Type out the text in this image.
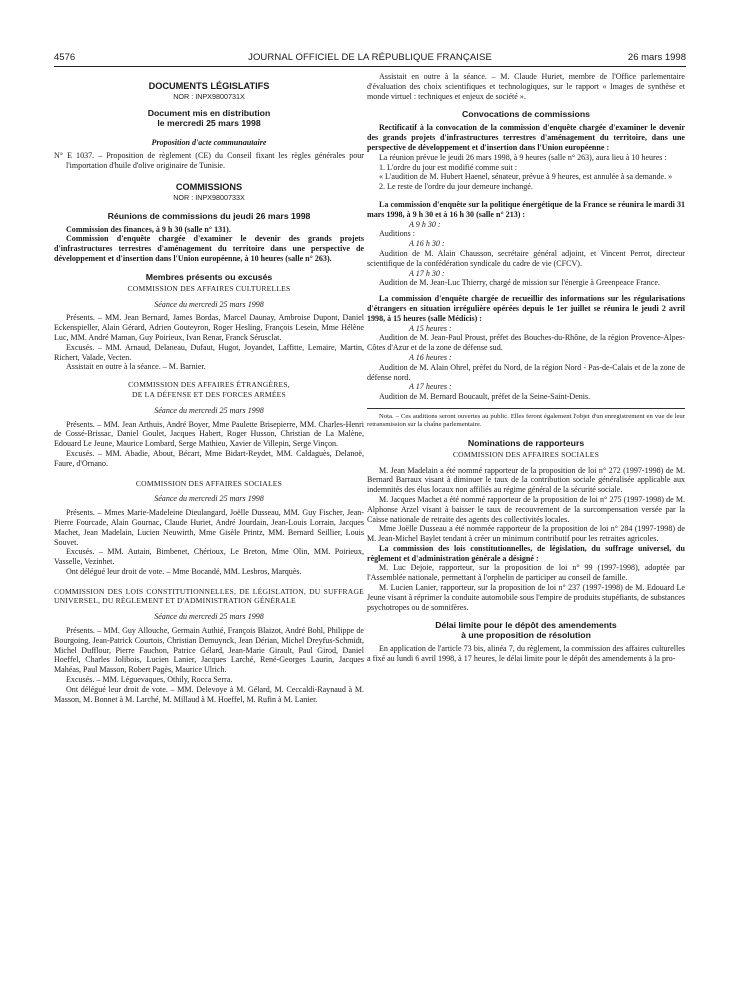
4576	JOURNAL OFFICIEL DE LA RÉPUBLIQUE FRANÇAISE	26 mars 1998
DOCUMENTS LÉGISLATIFS
NOR : INPX9800731X
Document mis en distribution
le mercredi 25 mars 1998
Proposition d'acte communautaire

N° E 1037. – Proposition de règlement (CE) du Conseil fixant les règles générales pour l'importation d'huile d'olive originaire de Tunisie.

COMMISSIONS
NOR : INPX9800733X
Réunions de commissions du jeudi 26 mars 1998

Commission des finances, à 9 h 30 (salle n° 131).

Commission d'enquête chargée d'examiner le devenir des grands projets d'infrastructures terrestres d'aménagement du territoire dans une perspective de développement et d'insertion dans l'Union européenne, à 10 heures (salle n° 263).

Membres présents ou excusés
COMMISSION DES AFFAIRES CULTURELLES
Séance du mercredi 25 mars 1998

Présents. – MM. Jean Bernard, James Bordas, Marcel Daunay, Ambroise Dupont, Daniel Eckenspieller, Alain Gérard, Adrien Gouteyron, Roger Hesling, François Lesein, Mme Hélène Luc, MM. André Maman, Guy Poirieux, Ivan Renar, Franck Sérusclat.

Excusés. – MM. Arnaud, Delaneau, Dufaut, Hugot, Joyandet, Laffitte, Lemaire, Martin, Richert, Valade, Vecten.

Assistait en outre à la séance. – M. Barnier.

COMMISSION DES AFFAIRES ÉTRANGÈRES,
DE LA DÉFENSE ET DES FORCES ARMÉES
Séance du mercredi 25 mars 1998

Présents. – MM. Jean Arthuis, André Boyer, Mme Paulette Brisepierre, MM. Charles-Henri de Cossé-Brissac, Daniel Goulet, Jacques Habert, Roger Husson, Christian de La Malène, Edouard Le Jeune, Maurice Lombard, Serge Mathieu, Xavier de Villepin, Serge Vinçon.

Excusés. – MM. Abadie, About, Bécart, Mme Bidart-Reydet, MM. Caldaguès, Delanoë, Faure, d'Ornano.

COMMISSION DES AFFAIRES SOCIALES
Séance du mercredi 25 mars 1998

Présents. – Mmes Marie-Madeleine Dieulangard, Joëlle Dusseau, MM. Guy Fischer, Jean-Pierre Fourcade, Alain Gournac, Claude Huriet, André Jourdain, Jean-Louis Lorrain, Jacques Machet, Jean Madelain, Lucien Neuwirth, Mme Gisèle Printz, MM. Bernard Seillier, Louis Souvet.

Excusés. – MM. Autain, Bimbenet, Chérioux, Le Breton, Mme Olin, MM. Poirieux, Vasselle, Vezinhet.

Ont délégué leur droit de vote. – Mme Bocandé, MM. Lesbros, Marquès.

COMMISSION DES LOIS CONSTITUTIONNELLES, DE LÉGISLATION, DU SUFFRAGE UNIVERSEL, DU RÈGLEMENT ET D'ADMINISTRATION GÉNÉRALE

Séance du mercredi 25 mars 1998

Présents. – MM. Guy Allouche, Germain Authié, François Blaizot, André Bohl, Philippe de Bourgoing, Jean-Patrick Courtois, Christian Demuynck, Jean Dérian, Michel Dreyfus-Schmidt, Michel Dufflour, Pierre Fauchon, Patrice Gélard, Jean-Marie Girault, Paul Girod, Daniel Hoeffel, Charles Jolibois, Lucien Lanier, Jacques Larché, René-Georges Laurin, Jacques Mahéas, Paul Masson, Robert Pagès, Maurice Ulrich.

Excusés. – MM. Léguevaques, Othily, Rocca Serra.

Ont délégué leur droit de vote. – MM. Delevoye à M. Gélard, M. Ceccaldi-Raynaud à M. Masson, M. Bonnet à M. Larché, M. Millaud à M. Hoeffel, M. Rufin à M. Lanier.

Assistait en outre à la séance. – M. Claude Huriet, membre de l'Office parlementaire d'évaluation des choix scientifiques et technologiques, sur le rapport « Images de synthèse et monde virtuel : techniques et enjeux de société ».

Convocations de commissions

Rectificatif à la convocation de la commission d'enquête chargée d'examiner le devenir des grands projets d'infrastructures terrestres d'aménagement du territoire, dans une perspective de développement et d'insertion dans l'Union européenne :

La réunion prévue le jeudi 26 mars 1998, à 9 heures (salle n° 263), aura lieu à 10 heures :

1. L'ordre du jour est modifié comme suit :

« L'audition de M. Hubert Haenel, sénateur, prévue à 9 heures, est annulée à sa demande. »

2. Le reste de l'ordre du jour demeure inchangé.

La commission d'enquête sur la politique énergétique de la France se réunira le mardi 31 mars 1998, à 9 h 30 et à 16 h 30 (salle n° 213) :

A 9 h 30 :

Auditions :

A 16 h 30 :

Audition de M. Alain Chausson, secrétaire général adjoint, et Vincent Perrot, directeur scientifique de la confédération syndicale du cadre de vie (CFCV).

A 17 h 30 :

Audition de M. Jean-Luc Thierry, chargé de mission sur l'énergie à Greenpeace France.

La commission d'enquête chargée de recueillir des informations sur les régularisations d'étrangers en situation irrégulière opérées depuis le 1er juillet se réunira le jeudi 2 avril 1998, à 15 heures (salle Médicis) :

A 15 heures :

Audition de M. Jean-Paul Proust, préfet des Bouches-du-Rhône, de la région Provence-Alpes-Côtes d'Azur et de la zone de défense sud.

A 16 heures :

Audition de M. Alain Ohrel, préfet du Nord, de la région Nord - Pas-de-Calais et de la zone de défense nord.

A 17 heures :

Audition de M. Bernard Boucault, préfet de la Seine-Saint-Denis.

Nota. – Ces auditions seront ouvertes au public. Elles feront également l'objet d'un enregistrement en vue de leur retransmission sur la chaîne parlementaire.

Nominations de rapporteurs
COMMISSION DES AFFAIRES SOCIALES

M. Jean Madelain a été nommé rapporteur de la proposition de loi n° 272 (1997-1998) de M. Bernard Barraux visant à diminuer le taux de la contribution sociale généralisée applicable aux indemnités des élus locaux non affiliés au régime général de la sécurité sociale.

M. Jacques Machet a été nommé rapporteur de la proposition de loi n° 275 (1997-1998) de M. Alphonse Arzel visant à baisser le taux de recouvrement de la surcompensation versée par la Caisse nationale de retraite des agents des collectivités locales.

Mme Joëlle Dusseau a été nommée rapporteur de la proposition de loi n° 284 (1997-1998) de M. Jean-Michel Baylet tendant à créer un minimum contributif pour les retraites agricoles.

La commission des lois constitutionnelles, de législation, du suffrage universel, du règlement et d'administration générale a désigné :

M. Luc Dejoie, rapporteur, sur la proposition de loi n° 99 (1997-1998), adoptée par l'Assemblée nationale, permettant à l'orphelin de participer au conseil de famille.

M. Lucien Lanier, rapporteur, sur la proposition de loi n° 237 (1997-1998) de M. Edouard Le Jeune visant à réprimer la conduite automobile sous l'empire de produits stupéfiants, de substances psychotropes ou de somnifères.

Délai limite pour le dépôt des amendements
à une proposition de résolution

En application de l'article 73 bis, alinéa 7, du règlement, la commission des affaires culturelles a fixé au lundi 6 avril 1998, à 17 heures, le délai limite pour le dépôt des amendements à la pro-
